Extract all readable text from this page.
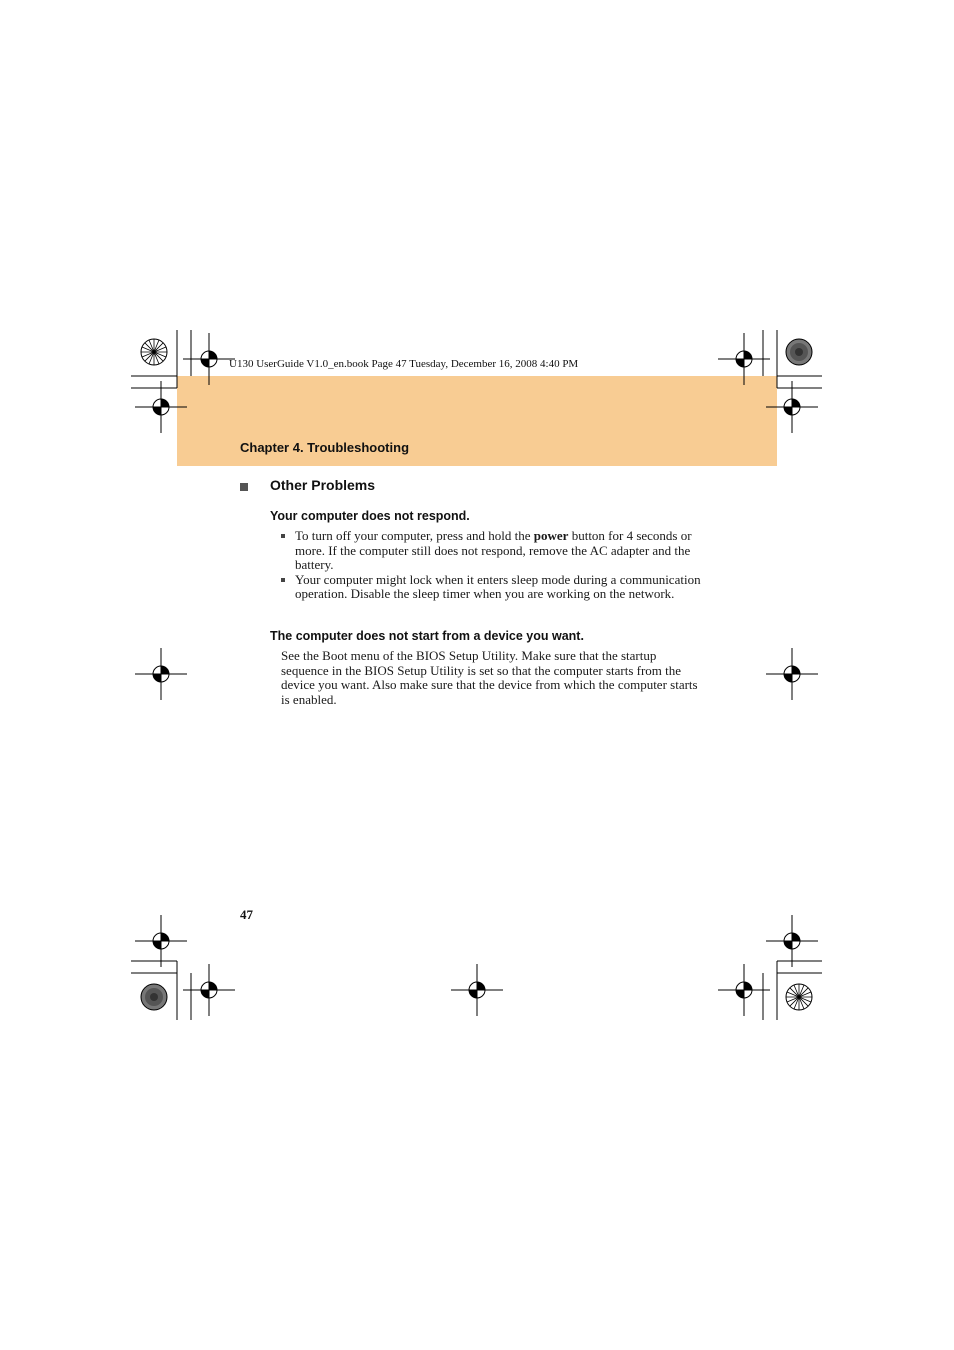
U130 UserGuide V1.0_en.book Page 47 Tuesday, December 16, 2008 4:40 PM
Chapter 4. Troubleshooting
Other Problems
Your computer does not respond.
To turn off your computer, press and hold the power button for 4 seconds or more. If the computer still does not respond, remove the AC adapter and the battery.
Your computer might lock when it enters sleep mode during a communication operation. Disable the sleep timer when you are working on the network.
The computer does not start from a device you want.

See the Boot menu of the BIOS Setup Utility. Make sure that the startup sequence in the BIOS Setup Utility is set so that the computer starts from the device you want. Also make sure that the device from which the computer starts is enabled.

47
